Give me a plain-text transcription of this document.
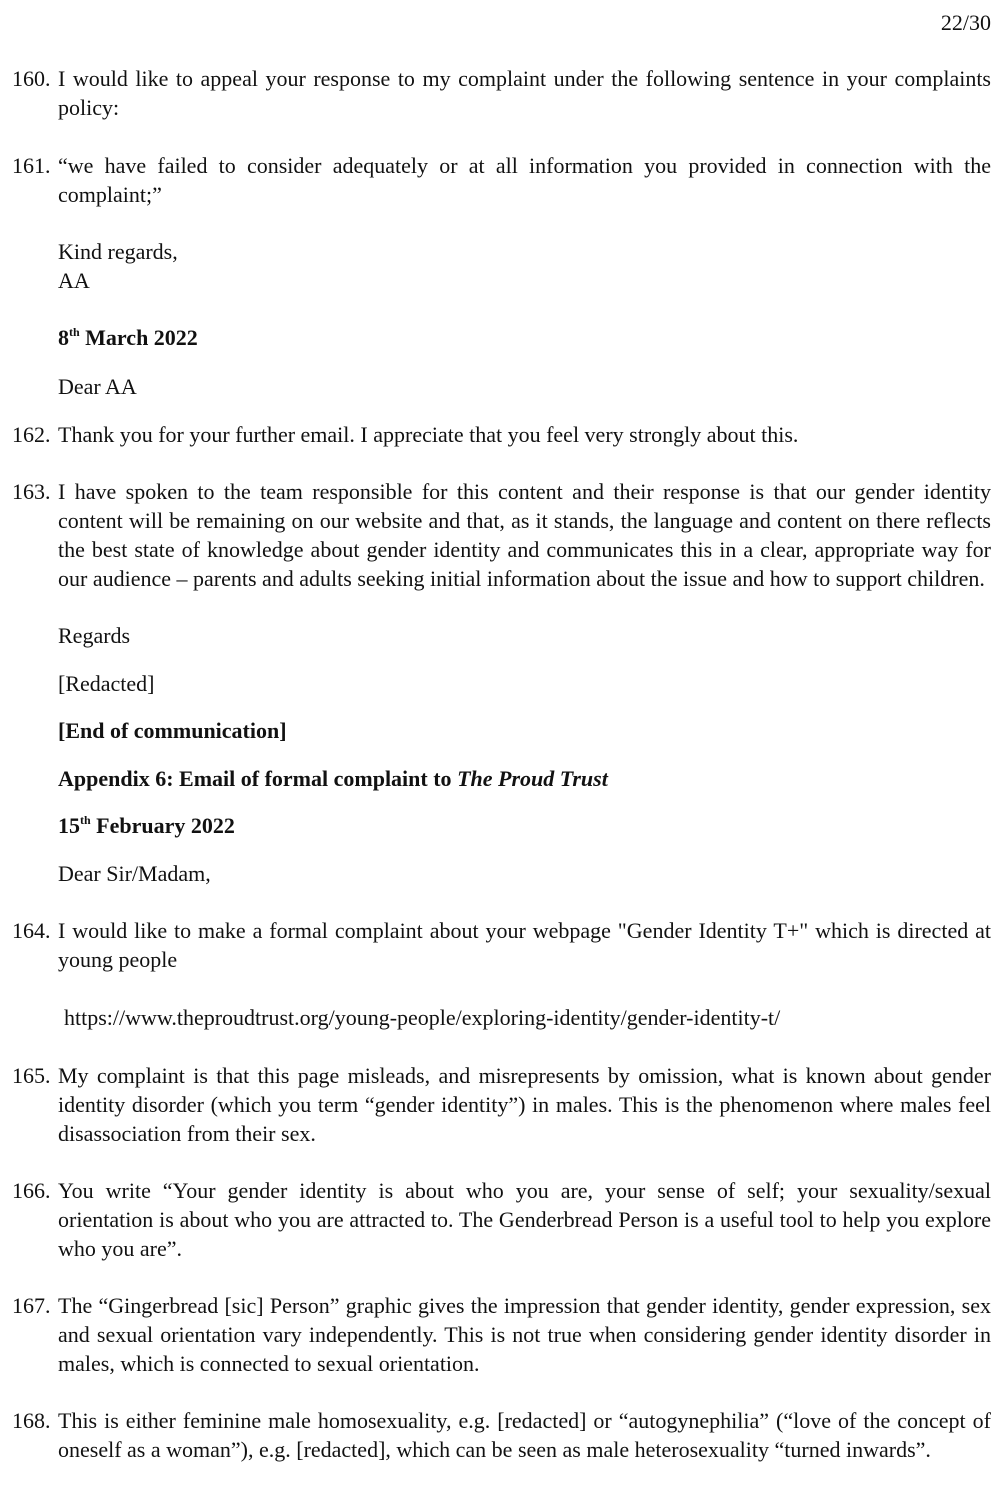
22/30
160. I would like to appeal your response to my complaint under the following sentence in your complaints policy:
161. “we have failed to consider adequately or at all information you provided in connection with the complaint;”
Kind regards,
AA
8th March 2022
Dear AA
162. Thank you for your further email. I appreciate that you feel very strongly about this.
163. I have spoken to the team responsible for this content and their response is that our gender identity content will be remaining on our website and that, as it stands, the language and content on there reflects the best state of knowledge about gender identity and communicates this in a clear, appropriate way for our audience – parents and adults seeking initial information about the issue and how to support children.
Regards
[Redacted]
[End of communication]
Appendix 6: Email of formal complaint to The Proud Trust
15th February 2022
Dear Sir/Madam,
164. I would like to make a formal complaint about your webpage "Gender Identity T+" which is directed at young people
https://www.theproudtrust.org/young-people/exploring-identity/gender-identity-t/
165. My complaint is that this page misleads, and misrepresents by omission, what is known about gender identity disorder (which you term “gender identity”) in males. This is the phenomenon where males feel disassociation from their sex.
166. You write “Your gender identity is about who you are, your sense of self; your sexuality/sexual orientation is about who you are attracted to. The Genderbread Person is a useful tool to help you explore who you are”.
167. The “Gingerbread [sic] Person” graphic gives the impression that gender identity, gender expression, sex and sexual orientation vary independently. This is not true when considering gender identity disorder in males, which is connected to sexual orientation.
168. This is either feminine male homosexuality, e.g. [redacted] or “autogynephilia” (“love of the concept of oneself as a woman”), e.g. [redacted], which can be seen as male heterosexuality “turned inwards”.
